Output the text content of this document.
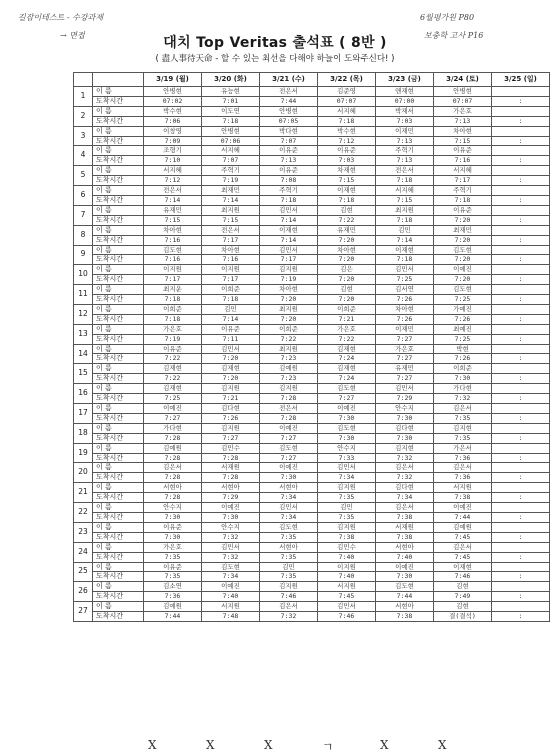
길잡이테스트 - 수강과제
→ 면접
6월평가원 P80
보충학 고사 P16
대치 Top Veritas 출석표 ( 8반 )
( 盡人事待天命 - 할 수 있는 최선을 다해야 하늘이 도와주신다! )
		3/19 (월)	3/20 (화)	3/21 (수)	3/22 (목)	3/23 (금)	3/24 (토)	3/25 (일)
1	이 름	안병현	유능현	전은서	김준영	앤재현	안병현	
	도착시간	07:02	7:01	7:44	07:07	07:00	07:07	:
2	이 름	박수현	이도연	안병현	서지혜	박재서	가은호	
	도착시간	7:06	7:18	07:05	7:18	7:03	7:13	:
3	이 름	이창영	안병현	박다현	박수현	이재민	차아현	
	도착시간	7:09	07:06	7:07	7:12	7:13	7:15	:
4	이 름	조형기	서지혜	이유준	이유준	주혁기	이유준	
	도착시간	7:10	7:07	7:13	7:03	7:13	7:16	:
5	이 름	서지혜	주혁기	이유준	차재현	전은서	서지혜	
	도착시간	7:12	7:19	7:08	7:15	7:18	7:17	:
6	이 름	전은서	최재민	주혁기	이재현	서지혜	주혁기	
	도착시간	7:14	7:14	7:18	7:18	7:15	7:18	:
7	이 름	유재민	최지원	김민서	김현	최지원	이유준	
	도착시간	7:15	7:15	7:14	7:22	7:18	7:20	:
8	이 름	차아현	전은서	이재현	유재민	김민	최재민	
	도착시간	7:16	7:17	7:14	7:20	7:14	7:20	:
9	이 름	김도현	차아현	김민서	차아현	이재현	김도현	
	도착시간	7:16	7:16	7:17	7:20	7:18	7:20	:
10	이 름	이지원	이지원	김지원	김은	김민서	이예진	
	도착시간	7:17	7:17	7:19	7:20	7:25	7:20	:
11	이 름	최지운	이희준	차아현	김현	김서연	김도현	
	도착시간	7:18	7:18	7:20	7:20	7:26	7:25	:
12	이 름	이희준	김민	최지원	이희준	차아현	가예진	
	도착시간	7:18	7:14	7:20	7:21	7:26	7:26	:
13	이 름	가은호	이유준	이희준	가은호	이재민	최예진	
	도착시간	7:19	7:11	7:22	7:22	7:27	7:25	:
14	이 름	이유준	김민서	최지원	김재현	가은호	박현	
	도착시간	7:22	7:20	7:23	7:24	7:27	7:26	:
15	이 름	김재현	김재현	김예원	김재현	유재민	이희준	
	도착시간	7:22	7:20	7:23	7:24	7:27	7:30	:
16	이 름	김재현	김지원	김지원	김도현	김민서	가다현	
	도착시간	7:25	7:21	7:28	7:27	7:29	7:32	:
17	이 름	이예진	김다현	전은서	이예진	안수지	김은서	
	도착시간	7:27	7:26	7:28	7:30	7:30	7:35	:
18	이 름	가다현	김지원	이예진	김도현	김다현	김지현	
	도착시간	7:28	7:27	7:27	7:30	7:30	7:35	:
19	이 름	김예원	김민수	김도현	안수지	김지현	가은서	
	도착시간	7:28	7:28	7:27	7:33	7:32	7:36	:
20	이 름	김은서	서재원	이예진	김민서	김은서	김은서	
	도착시간	7:28	7:28	7:30	7:34	7:32	7:36	:
21	이 름	서현아	서현아	서현아	김지원	김다현	서지원	
	도착시간	7:28	7:29	7:34	7:35	7:34	7:38	:
22	이 름	안수지	이예진	김민서	김민	김은서	이예진	
	도착시간	7:30	7:30	7:34	7:35	7:38	7:44	:
23	이 름	이유준	안수지	김도현	김지원	서재원	김예원	
	도착시간	7:30	7:32	7:35	7:38	7:38	7:45	:
24	이 름	가은호	김민서	서현아	김민수	서현아	김은서	
	도착시간	7:35	7:32	7:35	7:40	7:40	7:45	:
25	이 름	이유준	김도현	김민	이지원	이예진	이재현	
	도착시간	7:35	7:34	7:35	7:40	7:30	7:46	:
26	이 름	김소연	이예진	김지원	서지원	김도현	김현	
	도착시간	7:36	7:40	7:46	7:45	7:44	7:49	:
27	이 름	김예원	서지원	김은서	김민서	서현아	김현	
	도착시간	7:44	7:48	7:32	7:46	7:38	결(결석)	:
X	X	X	ㄱ	X	X
